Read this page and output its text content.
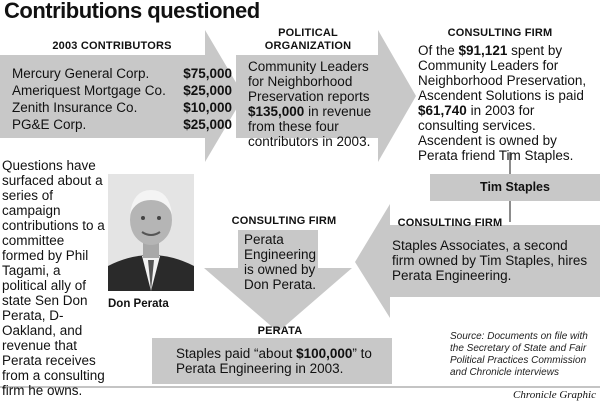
Contributions questioned
2003 CONTRIBUTORS
Mercury General Corp.	$75,000
Ameriquest Mortgage Co. $25,000
Zenith Insurance Co.	$10,000
PG&E Corp.	$25,000
POLITICAL
ORGANIZATION
Community Leaders for Neighborhood Preservation reports $135,000 in revenue from these four contributors in 2003.
CONSULTING FIRM
Of the $91,121 spent by Community Leaders for Neighborhood Preservation, Ascendent Solutions is paid $61,740 in 2003 for consulting services. Ascendent is owned by Perata friend Tim Staples.
Tim Staples
CONSULTING FIRM
Staples Associates, a second firm owned by Tim Staples, hires Perata Engineering.
CONSULTING FIRM
Perata Engineering is owned by Don Perata.
PERATA
Staples paid “about $100,000” to Perata Engineering in 2003.
Questions have surfaced about a series of campaign contributions to a committee formed by Phil Tagami, a political ally of state Sen Don Perata, D-Oakland, and revenue that Perata receives from a consulting firm he owns.
Don Perata
Source: Documents on file with the Secretary of State and Fair Political Practices Commission and Chronicle interviews
Chronicle Graphic
